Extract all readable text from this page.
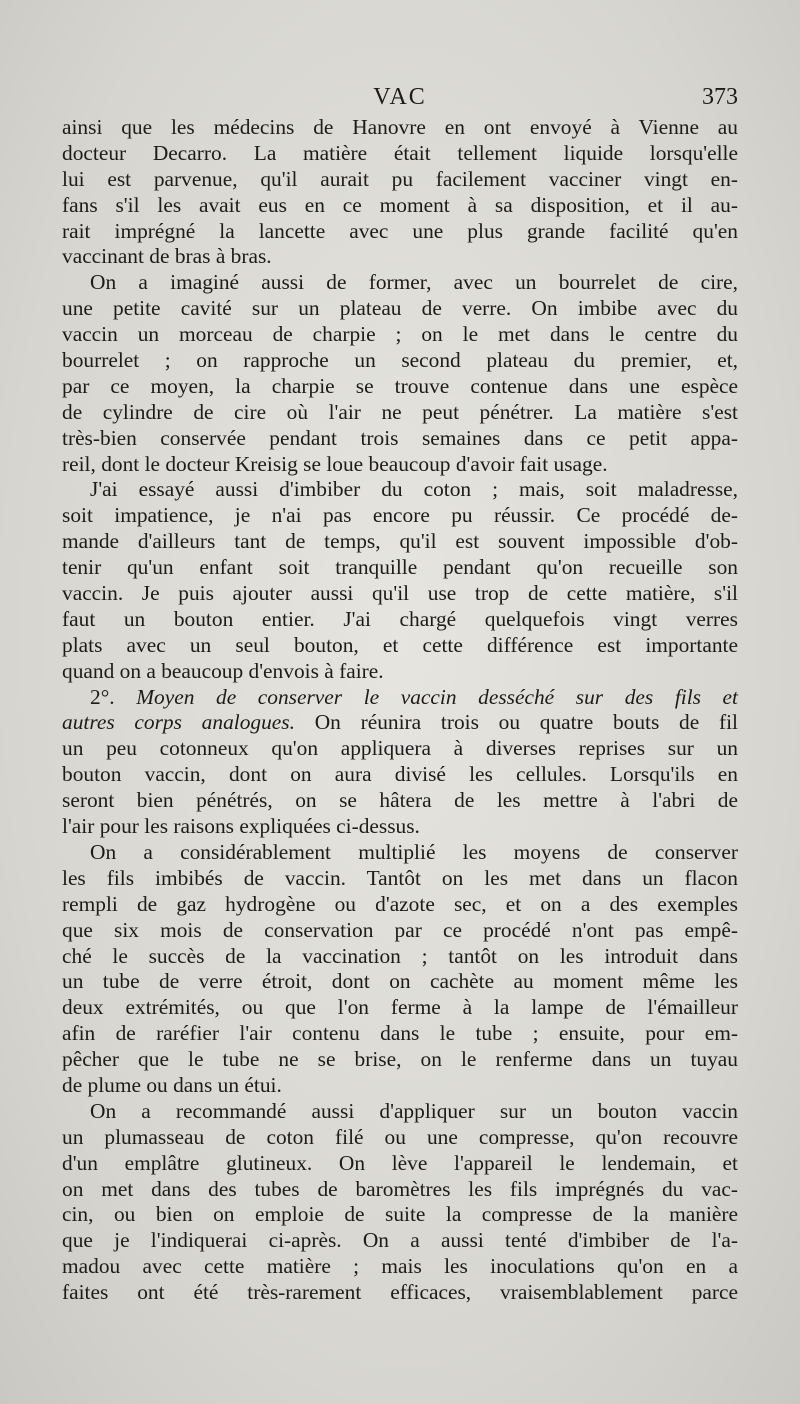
VAC	373
ainsi que les médecins de Hanovre en ont envoyé à Vienne au
docteur Decarro. La matière était tellement liquide lorsqu'elle
lui est parvenue, qu'il aurait pu facilement vacciner vingt en-
fans s'il les avait eus en ce moment à sa disposition, et il au-
rait imprégné la lancette avec une plus grande facilité qu'en
vaccinant de bras à bras.
On a imaginé aussi de former, avec un bourrelet de cire,
une petite cavité sur un plateau de verre. On imbibe avec du
vaccin un morceau de charpie ; on le met dans le centre du
bourrelet ; on rapproche un second plateau du premier, et,
par ce moyen, la charpie se trouve contenue dans une espèce
de cylindre de cire où l'air ne peut pénétrer. La matière s'est
très-bien conservée pendant trois semaines dans ce petit appa-
reil, dont le docteur Kreisig se loue beaucoup d'avoir fait usage.
J'ai essayé aussi d'imbiber du coton ; mais, soit maladresse,
soit impatience, je n'ai pas encore pu réussir. Ce procédé de-
mande d'ailleurs tant de temps, qu'il est souvent impossible d'ob-
tenir qu'un enfant soit tranquille pendant qu'on recueille son
vaccin. Je puis ajouter aussi qu'il use trop de cette matière, s'il
faut un bouton entier. J'ai chargé quelquefois vingt verres
plats avec un seul bouton, et cette différence est importante
quand on a beaucoup d'envois à faire.
2°. Moyen de conserver le vaccin desséché sur des fils et
autres corps analogues. On réunira trois ou quatre bouts de fil
un peu cotonneux qu'on appliquera à diverses reprises sur un
bouton vaccin, dont on aura divisé les cellules. Lorsqu'ils en
seront bien pénétrés, on se hâtera de les mettre à l'abri de
l'air pour les raisons expliquées ci-dessus.
On a considérablement multiplié les moyens de conserver
les fils imbibés de vaccin. Tantôt on les met dans un flacon
rempli de gaz hydrogène ou d'azote sec, et on a des exemples
que six mois de conservation par ce procédé n'ont pas empê-
ché le succès de la vaccination ; tantôt on les introduit dans
un tube de verre étroit, dont on cachète au moment même les
deux extrémités, ou que l'on ferme à la lampe de l'émailleur
afin de raréfier l'air contenu dans le tube ; ensuite, pour em-
pêcher que le tube ne se brise, on le renferme dans un tuyau
de plume ou dans un étui.
On a recommandé aussi d'appliquer sur un bouton vaccin
un plumasseau de coton filé ou une compresse, qu'on recouvre
d'un emplâtre glutineux. On lève l'appareil le lendemain, et
on met dans des tubes de baromètres les fils imprégnés du vac-
cin, ou bien on emploie de suite la compresse de la manière
que je l'indiquerai ci-après. On a aussi tenté d'imbiber de l'a-
madou avec cette matière ; mais les inoculations qu'on en a
faites ont été très-rarement efficaces, vraisemblablement parce
